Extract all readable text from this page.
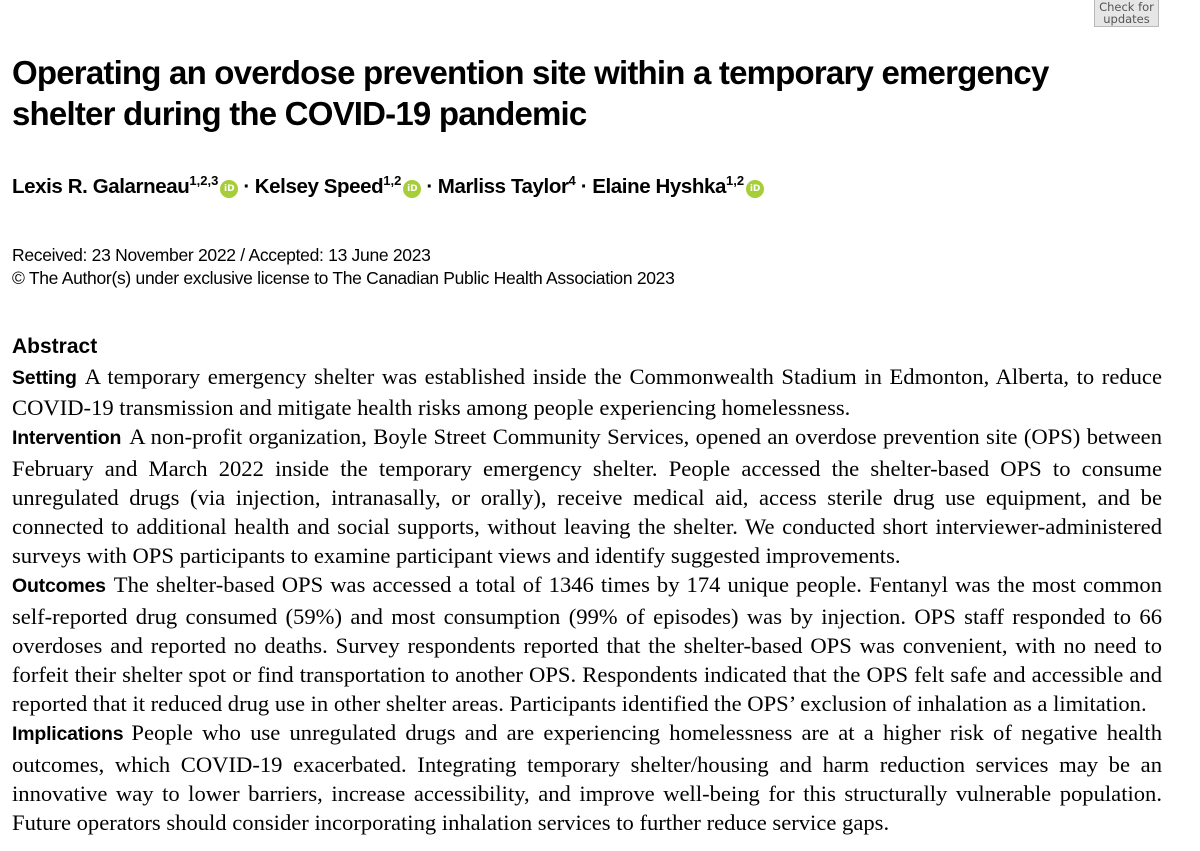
Check for
updates
Operating an overdose prevention site within a temporary emergency shelter during the COVID-19 pandemic
Lexis R. Galarneau$^{1,2,3}$iD · Kelsey Speed$^{1,2}$iD · Marliss Taylor$^4$ · Elaine Hyshka$^{1,2}$iD
Received: 23 November 2022 / Accepted: 13 June 2023
© The Author(s) under exclusive license to The Canadian Public Health Association 2023
Abstract

Setting A temporary emergency shelter was established inside the Commonwealth Stadium in Edmonton, Alberta, to reduce COVID-19 transmission and mitigate health risks among people experiencing homelessness.

Intervention A non-profit organization, Boyle Street Community Services, opened an overdose prevention site (OPS) between February and March 2022 inside the temporary emergency shelter. People accessed the shelter-based OPS to consume unregulated drugs (via injection, intranasally, or orally), receive medical aid, access sterile drug use equipment, and be connected to additional health and social supports, without leaving the shelter. We conducted short interviewer-administered surveys with OPS participants to examine participant views and identify suggested improvements.

Outcomes The shelter-based OPS was accessed a total of 1346 times by 174 unique people. Fentanyl was the most common self-reported drug consumed (59%) and most consumption (99% of episodes) was by injection. OPS staff responded to 66 overdoses and reported no deaths. Survey respondents reported that the shelter-based OPS was convenient, with no need to forfeit their shelter spot or find transportation to another OPS. Respondents indicated that the OPS felt safe and accessible and reported that it reduced drug use in other shelter areas. Participants identified the OPS’ exclusion of inhalation as a limitation.

Implications People who use unregulated drugs and are experiencing homelessness are at a higher risk of negative health outcomes, which COVID-19 exacerbated. Integrating temporary shelter/housing and harm reduction services may be an innovative way to lower barriers, increase accessibility, and improve well-being for this structurally vulnerable population. Future operators should consider incorporating inhalation services to further reduce service gaps.
